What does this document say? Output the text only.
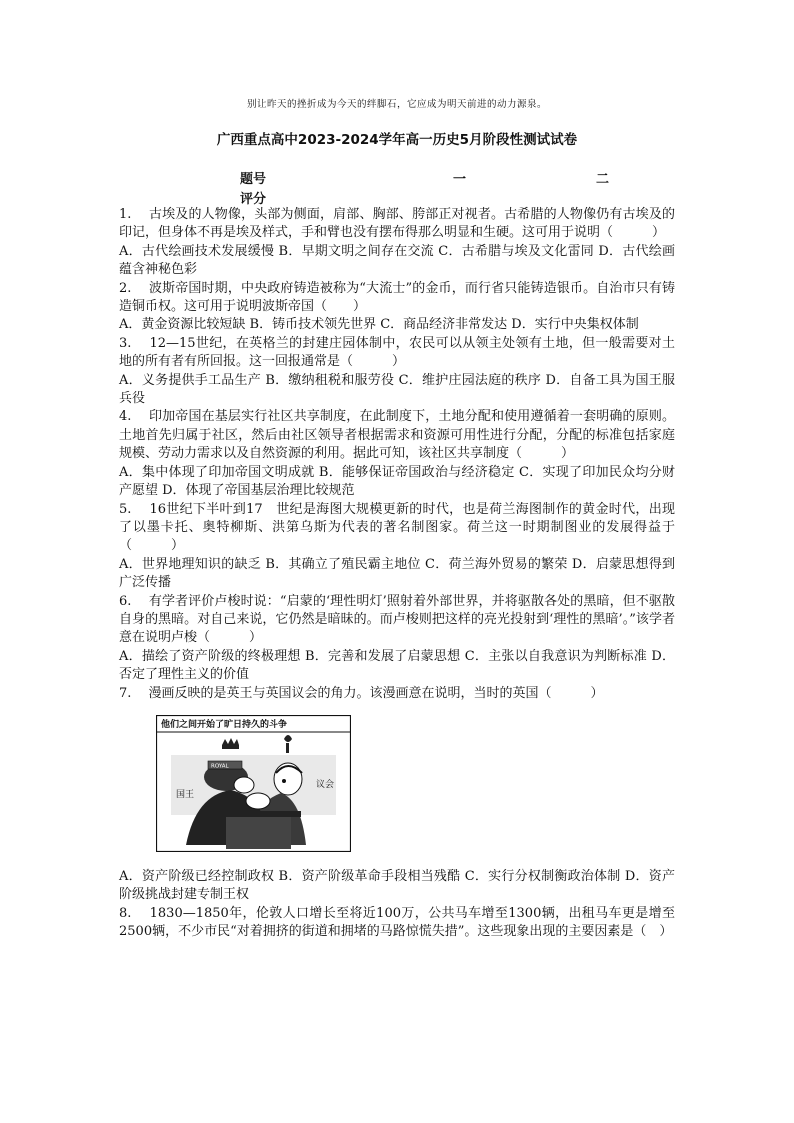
别让昨天的挫折成为今天的绊脚石，它应成为明天前进的动力源泉。
广西重点高中2023-2024学年高一历史5月阶段性测试试卷
题号	一	二
评分

1.　 古埃及的人物像，头部为侧面，肩部、胸部、胯部正对视者。古希腊的人物像仍有古埃及的印记，但身体不再是埃及样式，手和臂也没有摆布得那么明显和生硬。这可用于说明（　　　）

A．古代绘画技术发展缓慢 B．早期文明之间存在交流 C．古希腊与埃及文化雷同 D．古代绘画蕴含神秘色彩

2.　 波斯帝国时期，中央政府铸造被称为“大流士”的金币，而行省只能铸造银币。自治市只有铸造铜币权。这可用于说明波斯帝国（　　）

A．黄金资源比较短缺 B．铸币技术领先世界 C．商品经济非常发达 D．实行中央集权体制

3.　 12—15世纪，在英格兰的封建庄园体制中，农民可以从领主处领有土地，但一般需要对土地的所有者有所回报。这一回报通常是（　　　）

A．义务提供手工品生产 B．缴纳租税和服劳役 C．维护庄园法庭的秩序 D．自备工具为国王服兵役

4.　 印加帝国在基层实行社区共享制度，在此制度下，土地分配和使用遵循着一套明确的原则。土地首先归属于社区，然后由社区领导者根据需求和资源可用性进行分配，分配的标准包括家庭规模、劳动力需求以及自然资源的利用。据此可知，该社区共享制度（　　　）

A．集中体现了印加帝国文明成就 B．能够保证帝国政治与经济稳定 C．实现了印加民众均分财产愿望 D．体现了帝国基层治理比较规范

5.　 16世纪下半叶到17　世纪是海图大规模更新的时代，也是荷兰海图制作的黄金时代，出现了以墨卡托、奥特柳斯、洪第乌斯为代表的著名制图家。荷兰这一时期制图业的发展得益于（　　　）

A．世界地理知识的缺乏 B．其确立了殖民霸主地位 C．荷兰海外贸易的繁荣 D．启蒙思想得到广泛传播

6.　 有学者评价卢梭时说：“启蒙的‘理性明灯’照射着外部世界，并将驱散各处的黑暗，但不驱散自身的黑暗。对自己来说，它仍然是暗昧的。而卢梭则把这样的亮光投射到‘理性的黑暗’。”该学者意在说明卢梭（　　　）

A．描绘了资产阶级的终极理想 B．完善和发展了启蒙思想 C．主张以自我意识为判断标准 D．否定了理性主义的价值

7.　 漫画反映的是英王与英国议会的角力。该漫画意在说明，当时的英国（　　　）

他们之间开始了旷日持久的斗争
ROYAL
国王
议会

A．资产阶级已经控制政权 B．资产阶级革命手段相当残酷 C．实行分权制衡政治体制 D．资产阶级挑战封建专制王权

8.　 1830—1850年，伦敦人口增长至将近100万，公共马车增至1300辆，出租马车更是增至2500辆，不少市民“对着拥挤的街道和拥堵的马路惊慌失措”。这些现象出现的主要因素是（　）
